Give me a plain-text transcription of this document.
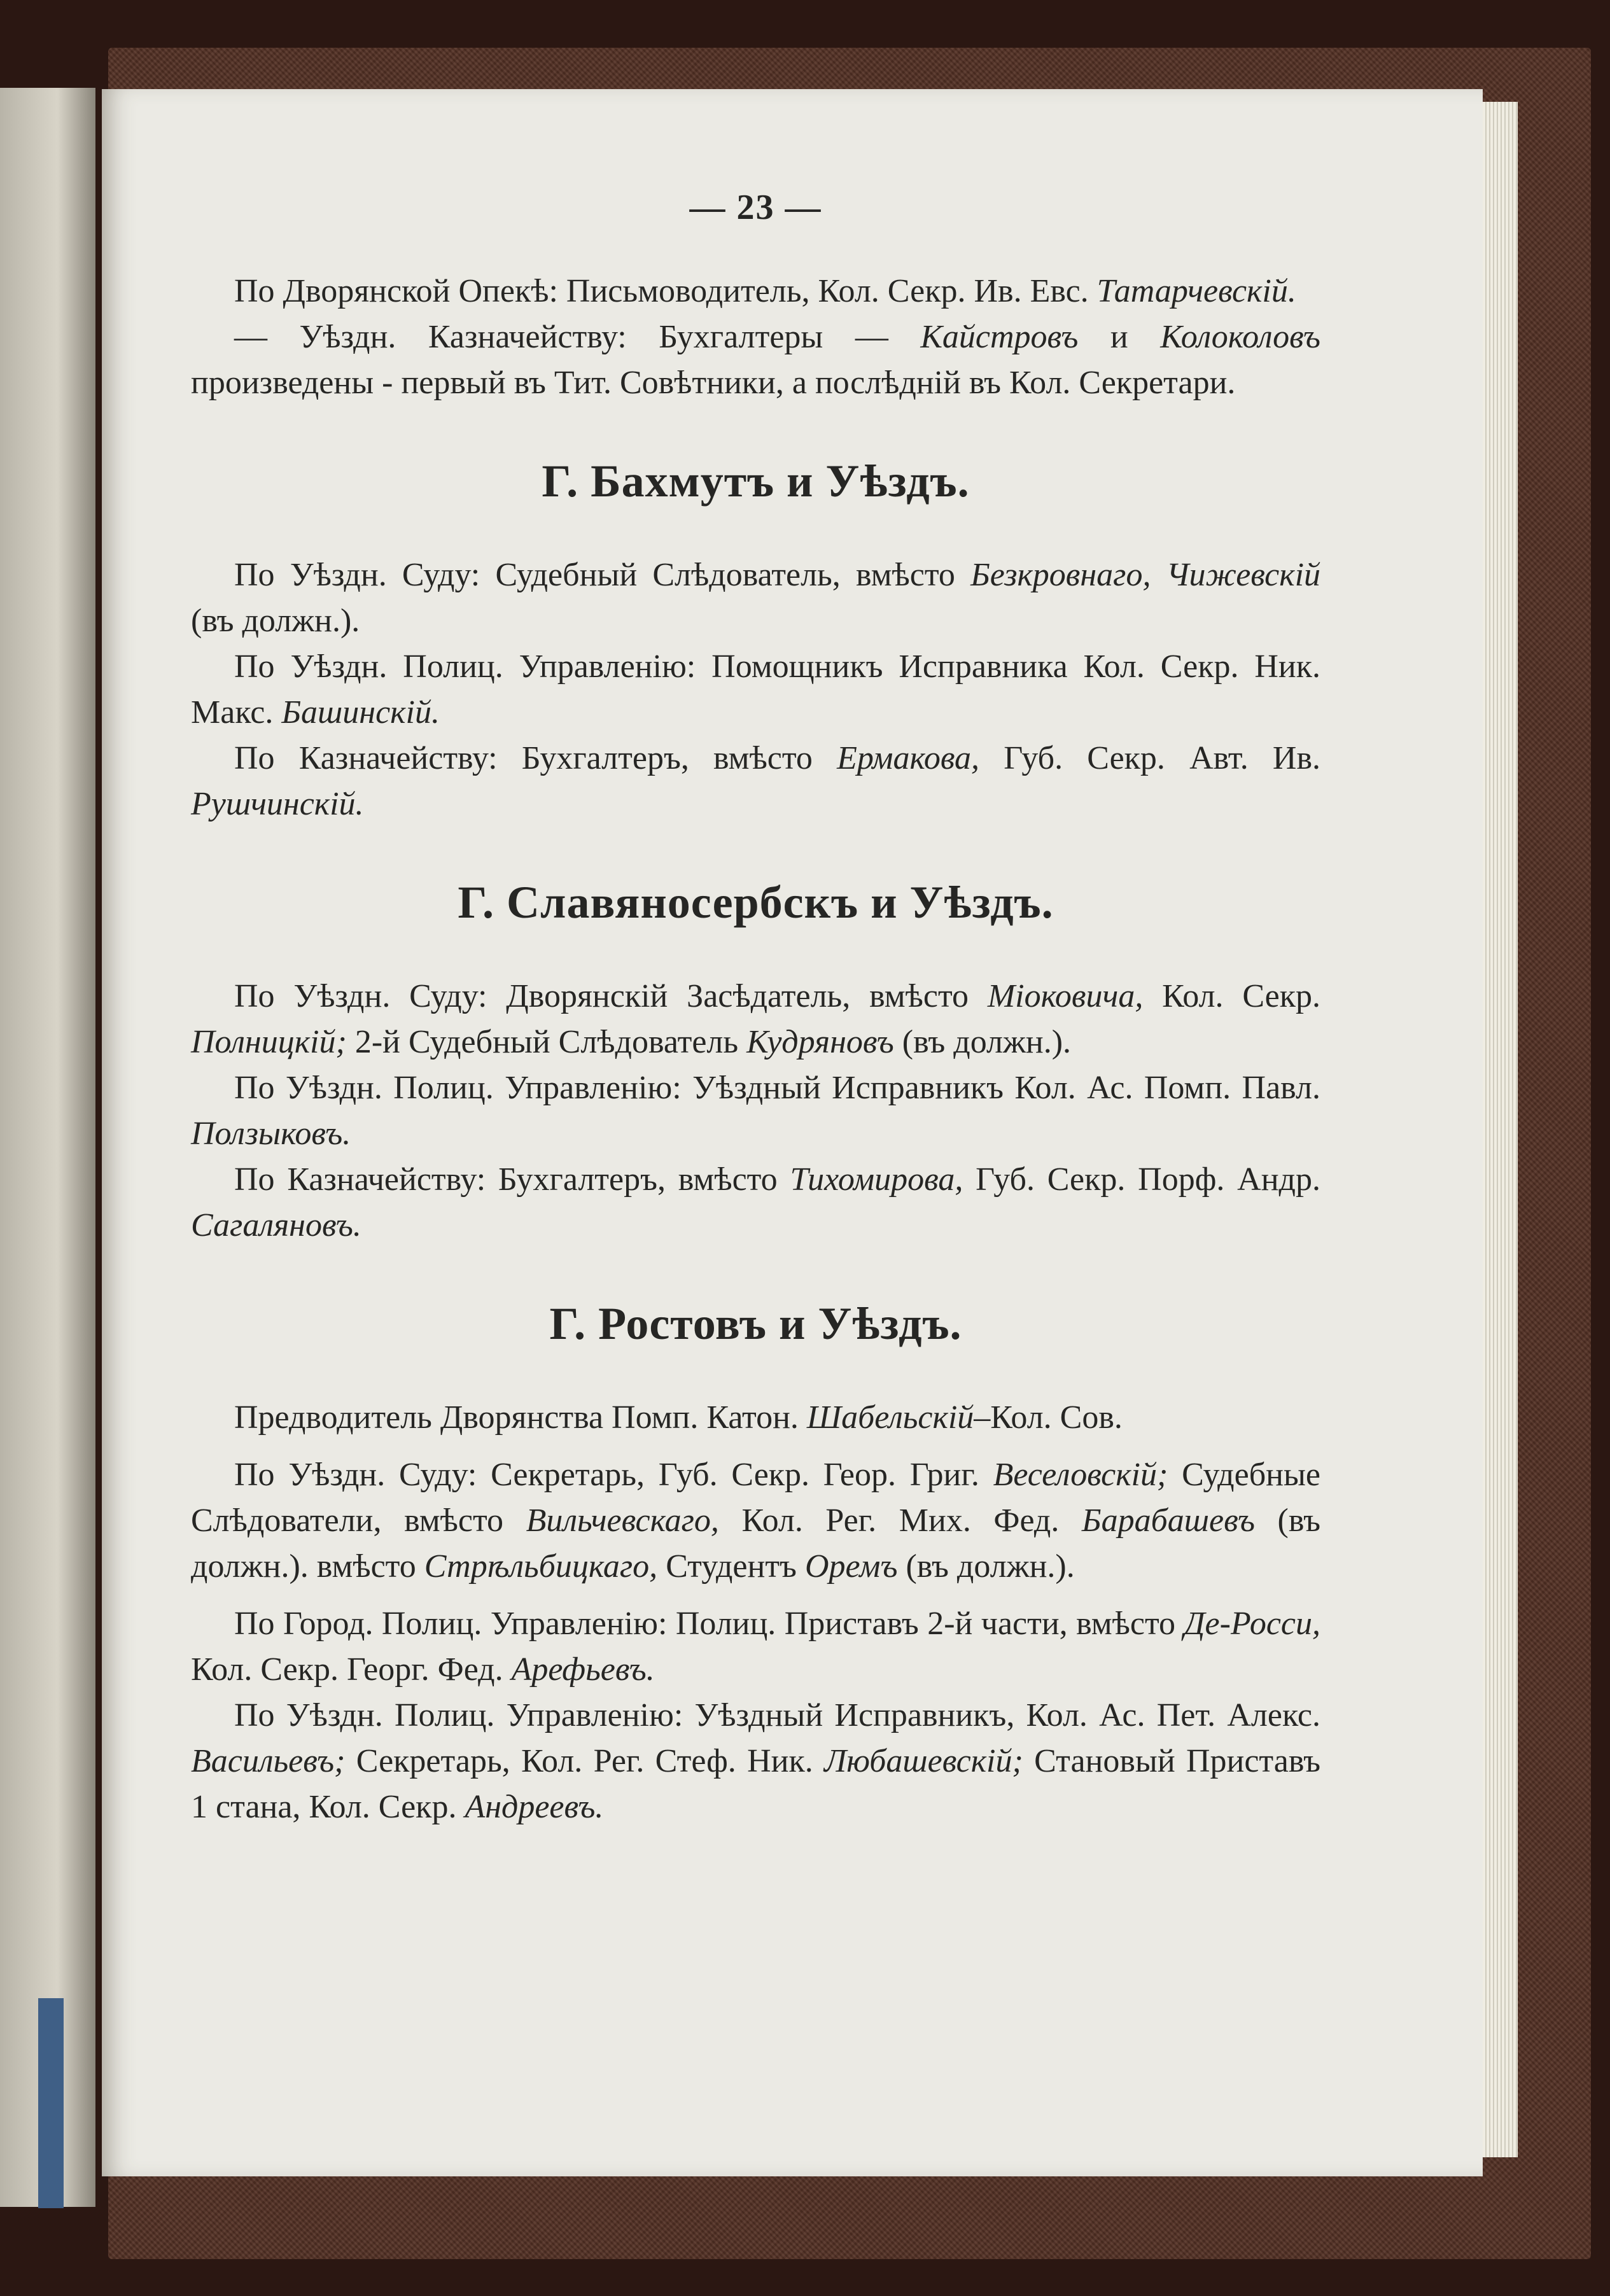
— 23 —

По Дворянской Опекѣ: Письмоводитель, Кол. Секр. Ив. Евс. Татарчевскій.

— Уѣздн. Казначейству: Бухгалтеры — Кайстровъ и Колоколовъ произведены - первый въ Тит. Совѣтники, а послѣдній въ Кол. Секретари.

Г. Бахмутъ и Уѣздъ.

По Уѣздн. Суду: Судебный Слѣдователь, вмѣсто Безкровнаго, Чижевскій (въ должн.).

По Уѣздн. Полиц. Управленію: Помощникъ Исправника Кол. Секр. Ник. Макс. Башинскій.

По Казначейству: Бухгалтеръ, вмѣсто Ермакова, Губ. Секр. Авт. Ив. Рушчинскій.

Г. Славяносербскъ и Уѣздъ.

По Уѣздн. Суду: Дворянскій Засѣдатель, вмѣсто Міоковича, Кол. Секр. Полницкій; 2-й Судебный Слѣдователь Кудряновъ (въ должн.).

По Уѣздн. Полиц. Управленію: Уѣздный Исправникъ Кол. Ас. Помп. Павл. Ползыковъ.

По Казначейству: Бухгалтеръ, вмѣсто Тихомирова, Губ. Секр. Порф. Андр. Сагаляновъ.

Г. Ростовъ и Уѣздъ.

Предводитель Дворянства Помп. Катон. Шабельскій–Кол. Сов.

По Уѣздн. Суду: Секретарь, Губ. Секр. Геор. Григ. Веселовскій; Судебные Слѣдователи, вмѣсто Вильчевскаго, Кол. Рег. Мих. Фед. Барабашевъ (въ должн.). вмѣсто Стрѣльбицкаго, Студентъ Оремъ (въ должн.).

По Город. Полиц. Управленію: Полиц. Приставъ 2-й части, вмѣсто Де-Росси, Кол. Секр. Георг. Фед. Арефьевъ.

По Уѣздн. Полиц. Управленію: Уѣздный Исправникъ, Кол. Ас. Пет. Алекс. Васильевъ; Секретарь, Кол. Рег. Стеф. Ник. Любашевскій; Становый Приставъ 1 стана, Кол. Секр. Андреевъ.
